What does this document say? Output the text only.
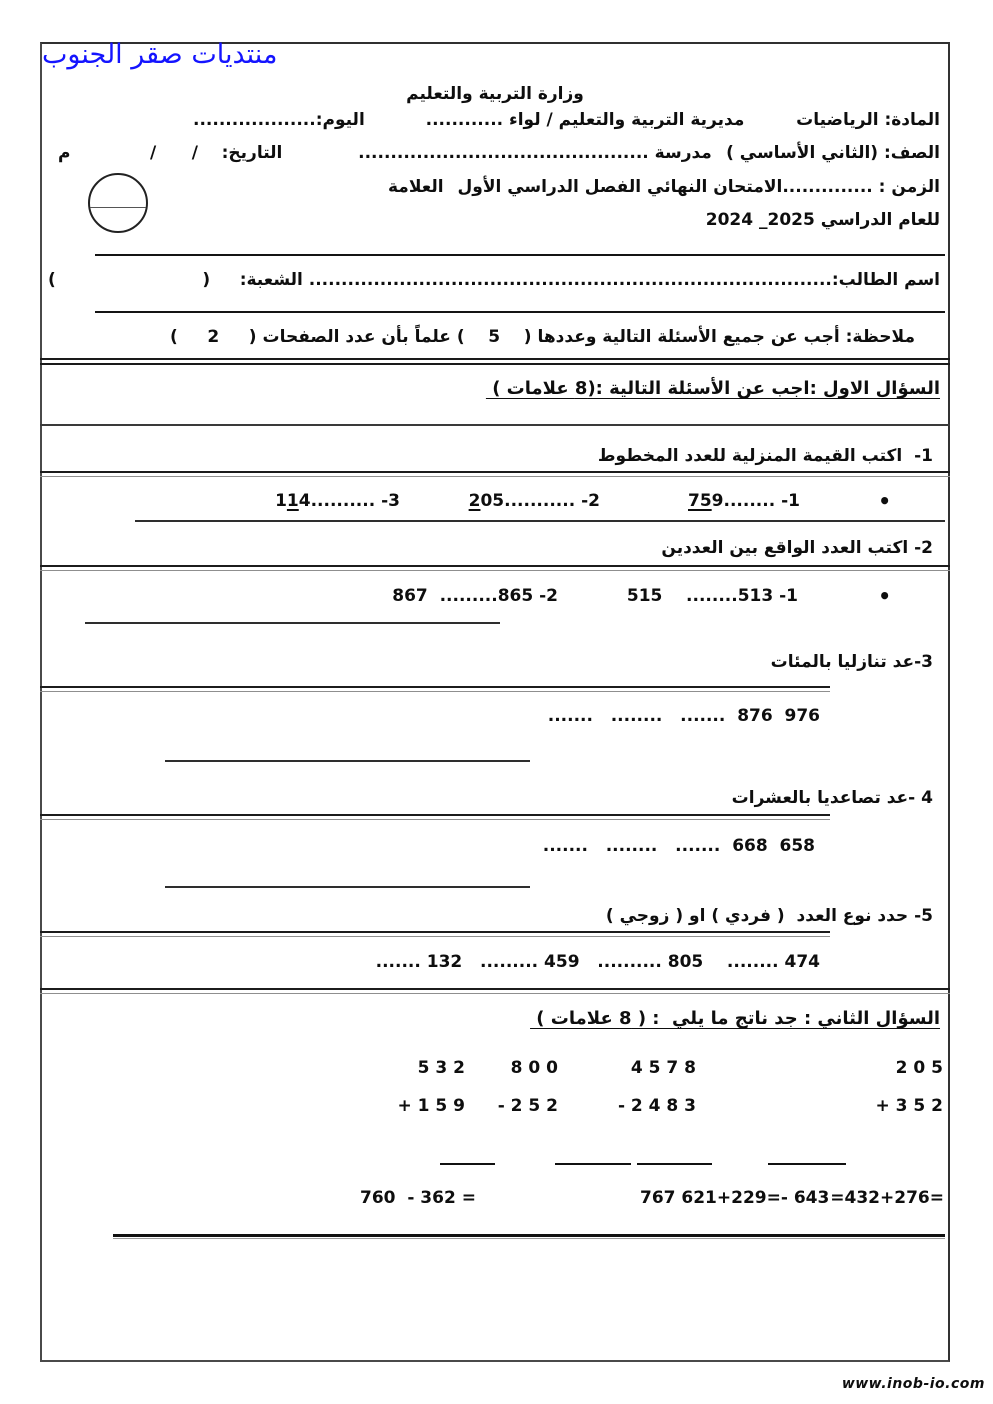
منتديات صقر الجنوب
وزارة التربية والتعليم
المادة: الرياضيات
مديرية التربية والتعليم / لواء ............
اليوم:...................
الصف: (الثاني الأساسي )
مدرسة .............................................
التاريخ:    /      /
م
الزمن : ..............الامتحان النهائي الفصل الدراسي الأول
العلامة
للعام الدراسي 2024 _2025
اسم الطالب:................................................................................. الشعبة:     (
)
ملاحظة: أجب عن جميع الأسئلة التالية وعددها (    5    ) علماً بأن عدد الصفحات (     2     )
السؤال الاول :اجب عن الأسئلة التالية :(8 علامات )
1-  اكتب القيمة المنزلية للعدد المخطوط
•
759........ -1
205........... -2
114.......... -3
2- اكتب العدد الواقع بين العددين
•
515    ........513 -1
867  .........865 -2
3-عد تنازليا بالمئات
.......   ........   .......  876  976
4 -عد تصاعديا بالعشرات
.......   ........   .......  668  658
5- حدد نوع العدد  ( فردي ) او ( زوجي )
....... 132   ......... 459   .......... 805    ........ 474
السؤال الثاني : جد ناتج ما يلي  : ( 8 علامات )
2 0 5
+ 3 5 2
4 5 7 8
- 2 4 8 3
8 0 0
- 2 5 2
5 3 2
+ 1 5 9
760  - 362 =	767 621+229=- 643 =432+276=
www.inob-io.com
